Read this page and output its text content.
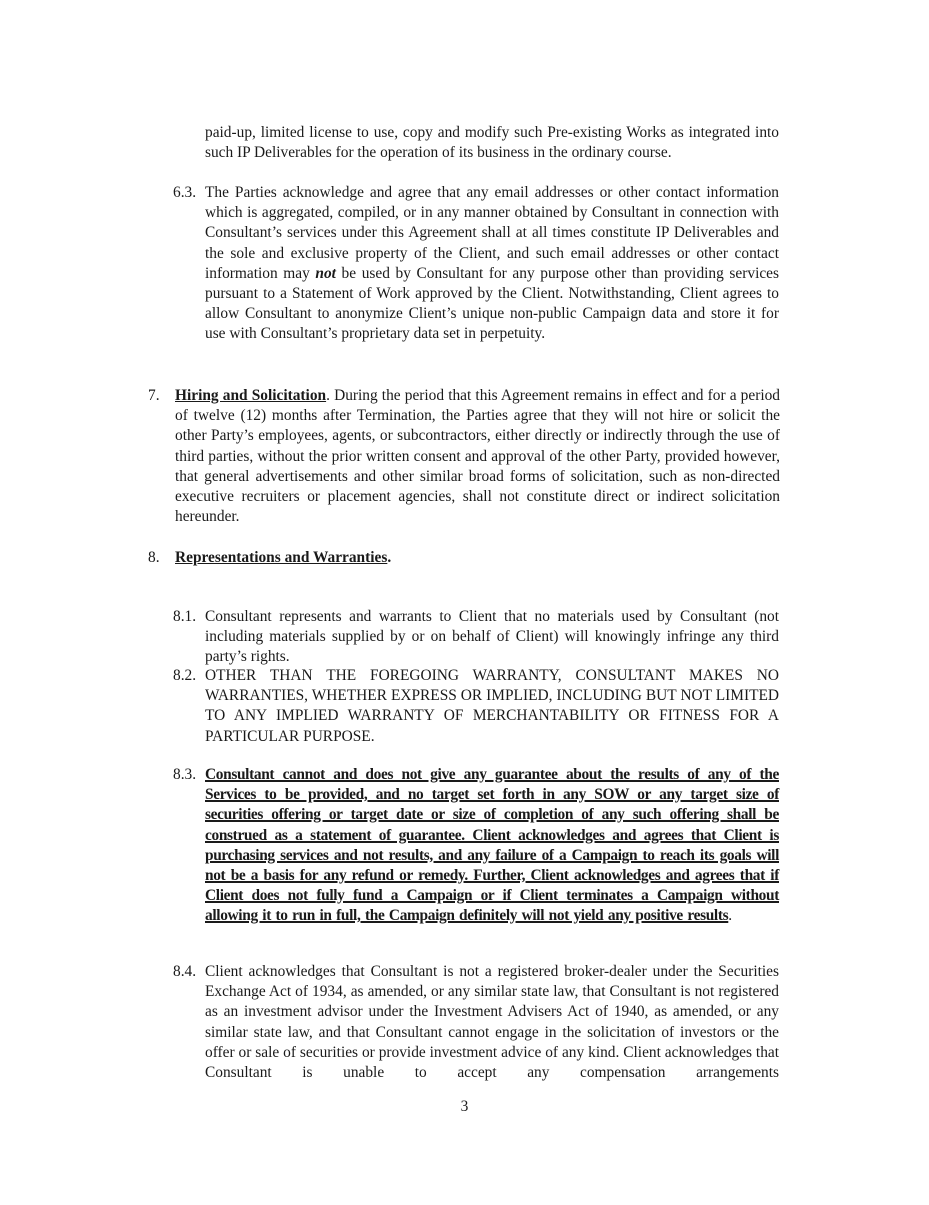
paid-up, limited license to use, copy and modify such Pre-existing Works as integrated into such IP Deliverables for the operation of its business in the ordinary course.
6.3. The Parties acknowledge and agree that any email addresses or other contact information which is aggregated, compiled, or in any manner obtained by Consultant in connection with Consultant’s services under this Agreement shall at all times constitute IP Deliverables and the sole and exclusive property of the Client, and such email addresses or other contact information may not be used by Consultant for any purpose other than providing services pursuant to a Statement of Work approved by the Client. Notwithstanding, Client agrees to allow Consultant to anonymize Client’s unique non-public Campaign data and store it for use with Consultant’s proprietary data set in perpetuity.
7. Hiring and Solicitation. During the period that this Agreement remains in effect and for a period of twelve (12) months after Termination, the Parties agree that they will not hire or solicit the other Party’s employees, agents, or subcontractors, either directly or indirectly through the use of third parties, without the prior written consent and approval of the other Party, provided however, that general advertisements and other similar broad forms of solicitation, such as non-directed executive recruiters or placement agencies, shall not constitute direct or indirect solicitation hereunder.
8. Representations and Warranties.
8.1. Consultant represents and warrants to Client that no materials used by Consultant (not including materials supplied by or on behalf of Client) will knowingly infringe any third party’s rights.
8.2. OTHER THAN THE FOREGOING WARRANTY, CONSULTANT MAKES NO WARRANTIES, WHETHER EXPRESS OR IMPLIED, INCLUDING BUT NOT LIMITED TO ANY IMPLIED WARRANTY OF MERCHANTABILITY OR FITNESS FOR A PARTICULAR PURPOSE.
8.3. Consultant cannot and does not give any guarantee about the results of any of the Services to be provided, and no target set forth in any SOW or any target size of securities offering or target date or size of completion of any such offering shall be construed as a statement of guarantee. Client acknowledges and agrees that Client is purchasing services and not results, and any failure of a Campaign to reach its goals will not be a basis for any refund or remedy. Further, Client acknowledges and agrees that if Client does not fully fund a Campaign or if Client terminates a Campaign without allowing it to run in full, the Campaign definitely will not yield any positive results.
8.4. Client acknowledges that Consultant is not a registered broker-dealer under the Securities Exchange Act of 1934, as amended, or any similar state law, that Consultant is not registered as an investment advisor under the Investment Advisers Act of 1940, as amended, or any similar state law, and that Consultant cannot engage in the solicitation of investors or the offer or sale of securities or provide investment advice of any kind. Client acknowledges that Consultant is unable to accept any compensation arrangements
3
